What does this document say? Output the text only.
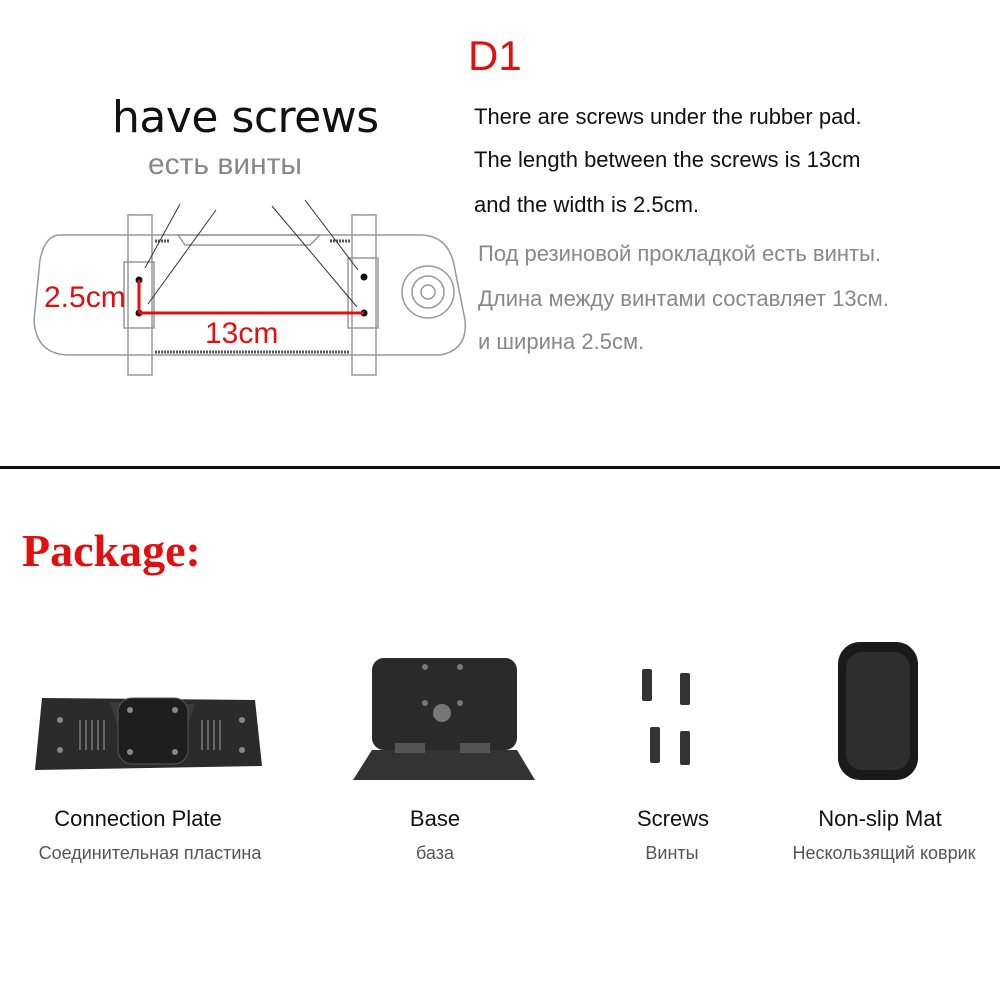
D1
have screws
есть винты
There are screws under the rubber pad.
The length between the screws is 13cm
and the width is 2.5cm.
Под резиновой прокладкой есть винты.
Длина между винтами составляет 13см.
и ширина 2.5см.
2.5cm
13cm
Package:
Connection Plate
Соединительная пластина
Base
база
Screws
Винты
Non-slip Mat
Нескользящий коврик
